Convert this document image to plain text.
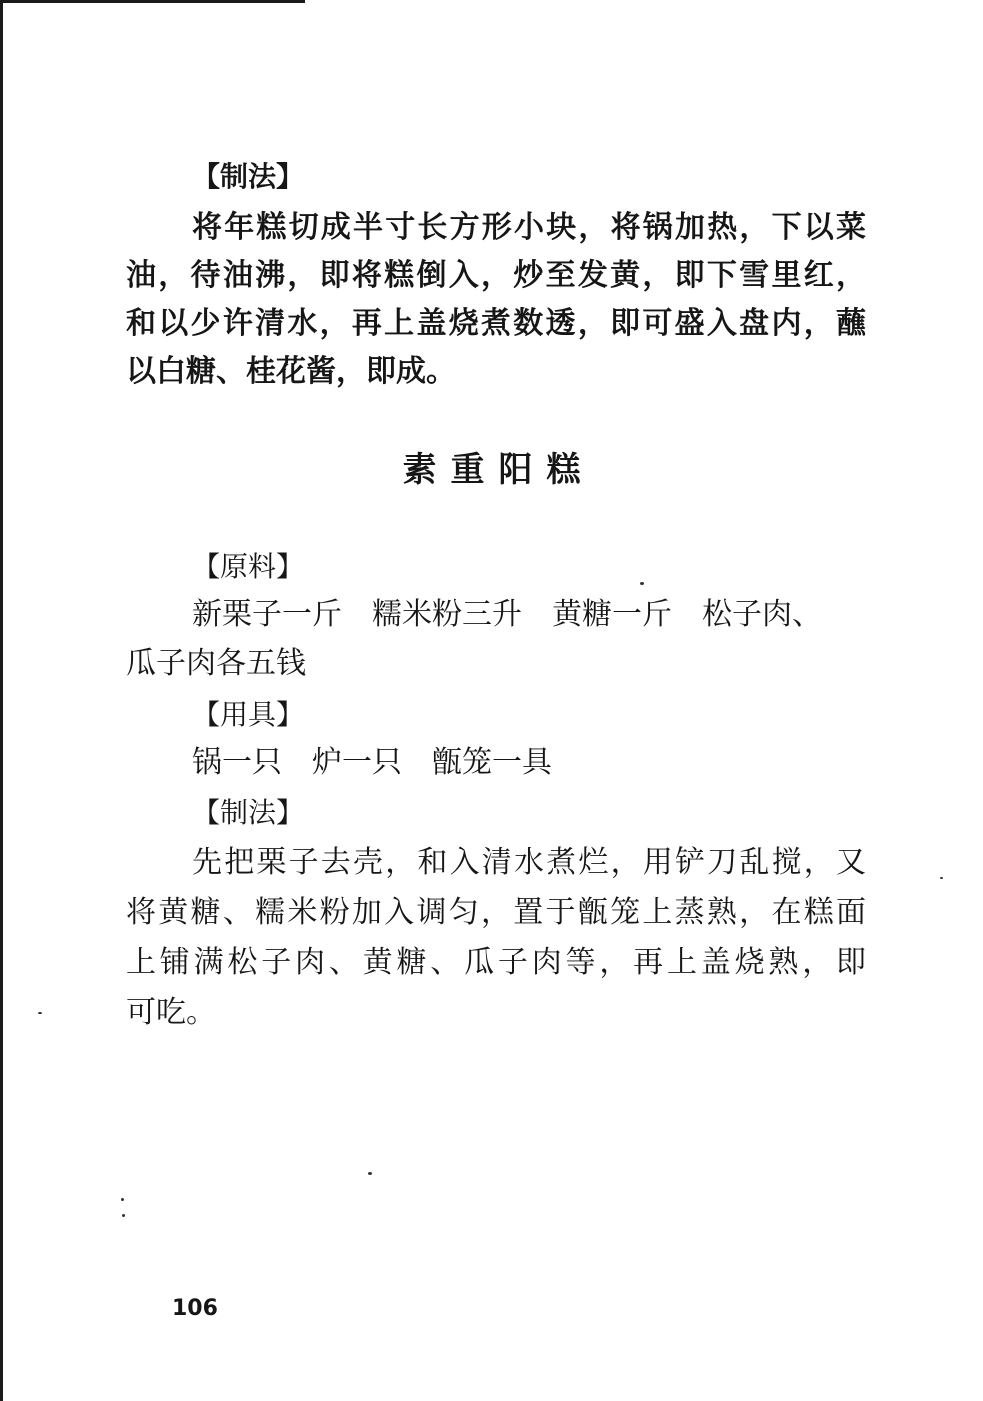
【制法】
将年糕切成半寸长方形小块，将锅加热，下以菜
油，待油沸，即将糕倒入，炒至发黄，即下雪里红，
和以少许清水，再上盖烧煮数透，即可盛入盘内，蘸
以白糖、桂花酱，即成。
素重阳糕
【原料】
新栗子一斤　糯米粉三升　黄糖一斤　松子肉、
瓜子肉各五钱
【用具】
锅一只　炉一只　甑笼一具
【制法】
先把栗子去壳，和入清水煮烂，用铲刀乱搅，又
将黄糖、糯米粉加入调匀，置于甑笼上蒸熟，在糕面
上铺满松子肉、黄糖、瓜子肉等，再上盖烧熟，即
可吃。
106
